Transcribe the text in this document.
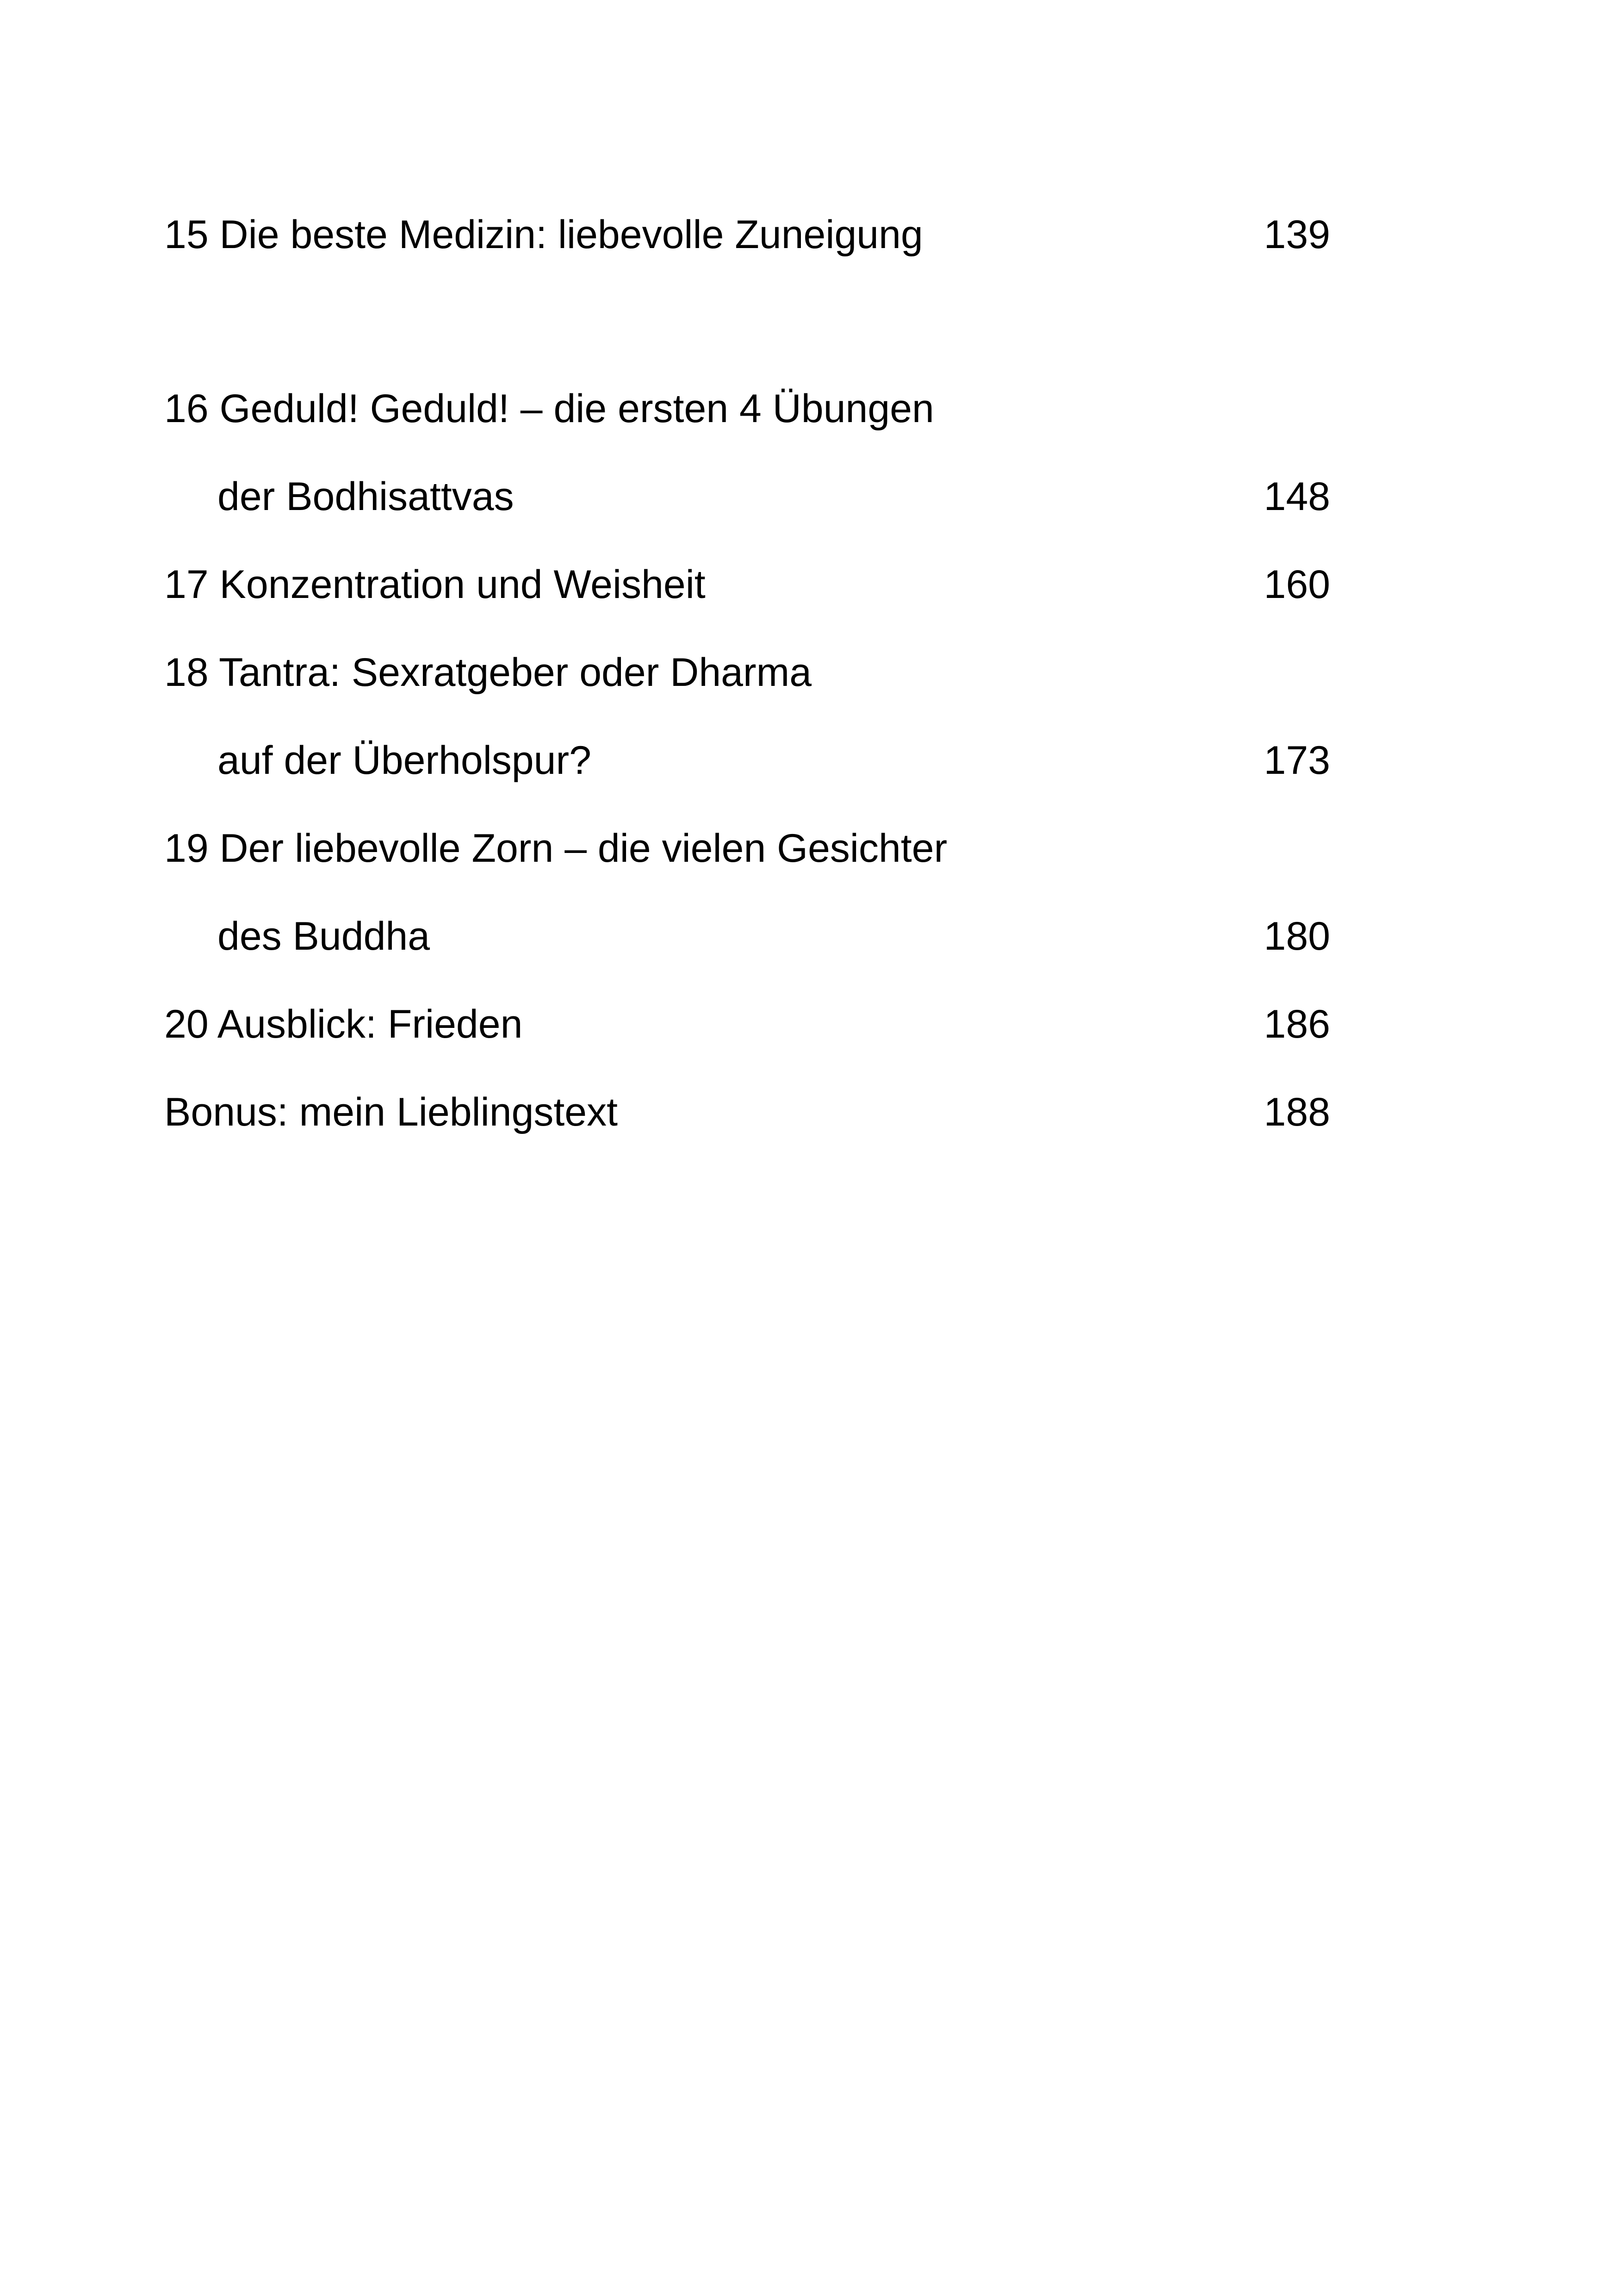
15 Die beste Medizin: liebevolle Zuneigung	139
16 Geduld! Geduld! – die ersten 4 Übungen
der Bodhisattvas	148
17 Konzentration und Weisheit	160
18 Tantra: Sexratgeber oder Dharma
auf der Überholspur?	173
19 Der liebevolle Zorn – die vielen Gesichter
des Buddha	180
20 Ausblick: Frieden	186
Bonus: mein Lieblingstext	188
